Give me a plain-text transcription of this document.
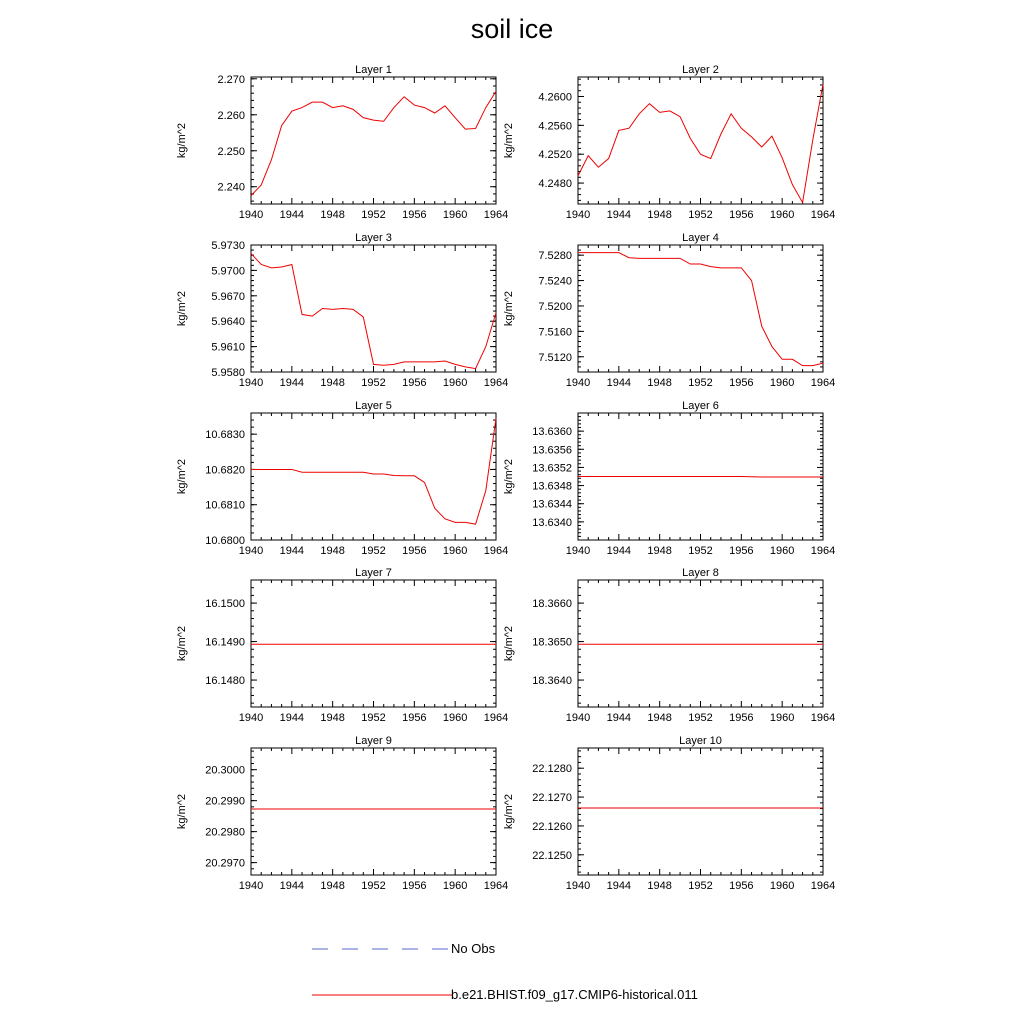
soil ice
Layer 1
kg/m^2
1940 1944 1948 1952 1956 1960 1964
2.240
2.250
2.260
2.270
Layer 2
kg/m^2
1940 1944 1948 1952 1956 1960 1964
4.2480
4.2520
4.2560
4.2600
Layer 3
kg/m^2
1940 1944 1948 1952 1956 1960 1964
5.9580
5.9610
5.9640
5.9670
5.9700
5.9730
Layer 4
kg/m^2
1940 1944 1948 1952 1956 1960 1964
7.5120
7.5160
7.5200
7.5240
7.5280
Layer 5
kg/m^2
1940 1944 1948 1952 1956 1960 1964
10.6800
10.6810
10.6820
10.6830
Layer 6
kg/m^2
1940 1944 1948 1952 1956 1960 1964
13.6340
13.6344
13.6348
13.6352
13.6356
13.6360
Layer 7
kg/m^2
1940 1944 1948 1952 1956 1960 1964
16.1480
16.1490
16.1500
Layer 8
kg/m^2
1940 1944 1948 1952 1956 1960 1964
18.3640
18.3650
18.3660
Layer 9
kg/m^2
1940 1944 1948 1952 1956 1960 1964
20.2970
20.2980
20.2990
20.3000
Layer 10
kg/m^2
1940 1944 1948 1952 1956 1960 1964
22.1250
22.1260
22.1270
22.1280
No Obs
b.e21.BHIST.f09_g17.CMIP6-historical.011
